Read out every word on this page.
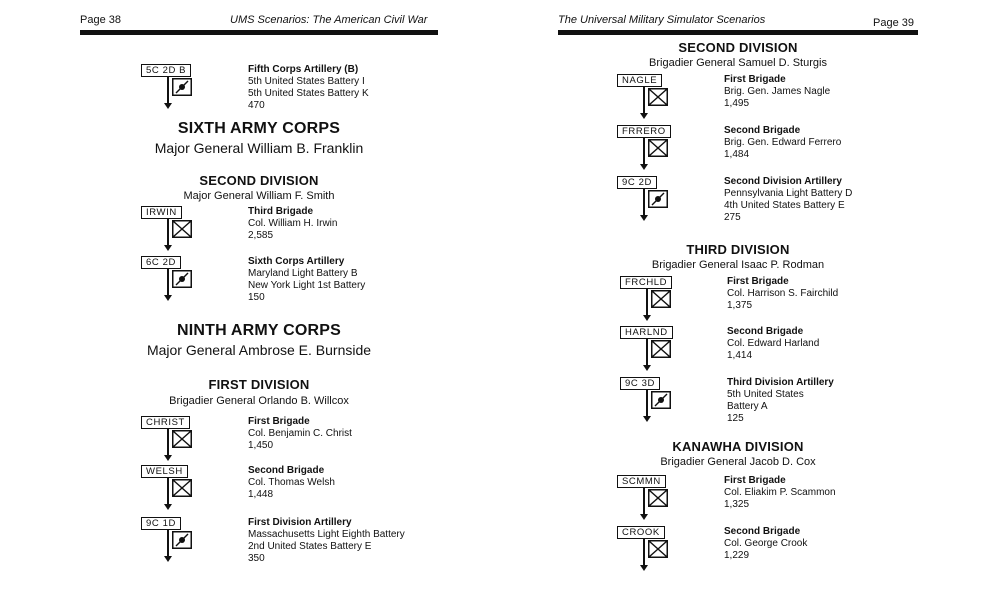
Page 38	UMS Scenarios: The American Civil War
5C 2D B	Fifth Corps Artillery (B)
5th United States Battery I
5th United States Battery K
470
SIXTH ARMY CORPS
Major General William B. Franklin
SECOND DIVISION
Major General William F. Smith
IRWIN	Third Brigade
Col. William H. Irwin
2,585
6C 2D	Sixth Corps Artillery
Maryland Light Battery B
New York Light 1st Battery
150
NINTH ARMY CORPS
Major General Ambrose E. Burnside
FIRST DIVISION
Brigadier General Orlando B. Willcox
CHRIST	First Brigade
Col. Benjamin C. Christ
1,450
WELSH	Second Brigade
Col. Thomas Welsh
1,448
9C 1D	First Division Artillery
Massachusetts Light Eighth Battery
2nd United States Battery E
350
The Universal Military Simulator Scenarios	Page 39
SECOND DIVISION
Brigadier General Samuel D. Sturgis
NAGLE	First Brigade
Brig. Gen. James Nagle
1,495
FRRERO	Second Brigade
Brig. Gen. Edward Ferrero
1,484
9C 2D	Second Division Artillery
Pennsylvania Light Battery D
4th United States Battery E
275
THIRD DIVISION
Brigadier General Isaac P. Rodman
FRCHLD	First Brigade
Col. Harrison S. Fairchild
1,375
HARLND	Second Brigade
Col. Edward Harland
1,414
9C 3D	Third Division Artillery
5th United States
Battery A
125
KANAWHA DIVISION
Brigadier General Jacob D. Cox
SCMMN	First Brigade
Col. Eliakim P. Scammon
1,325
CROOK	Second Brigade
Col. George Crook
1,229
